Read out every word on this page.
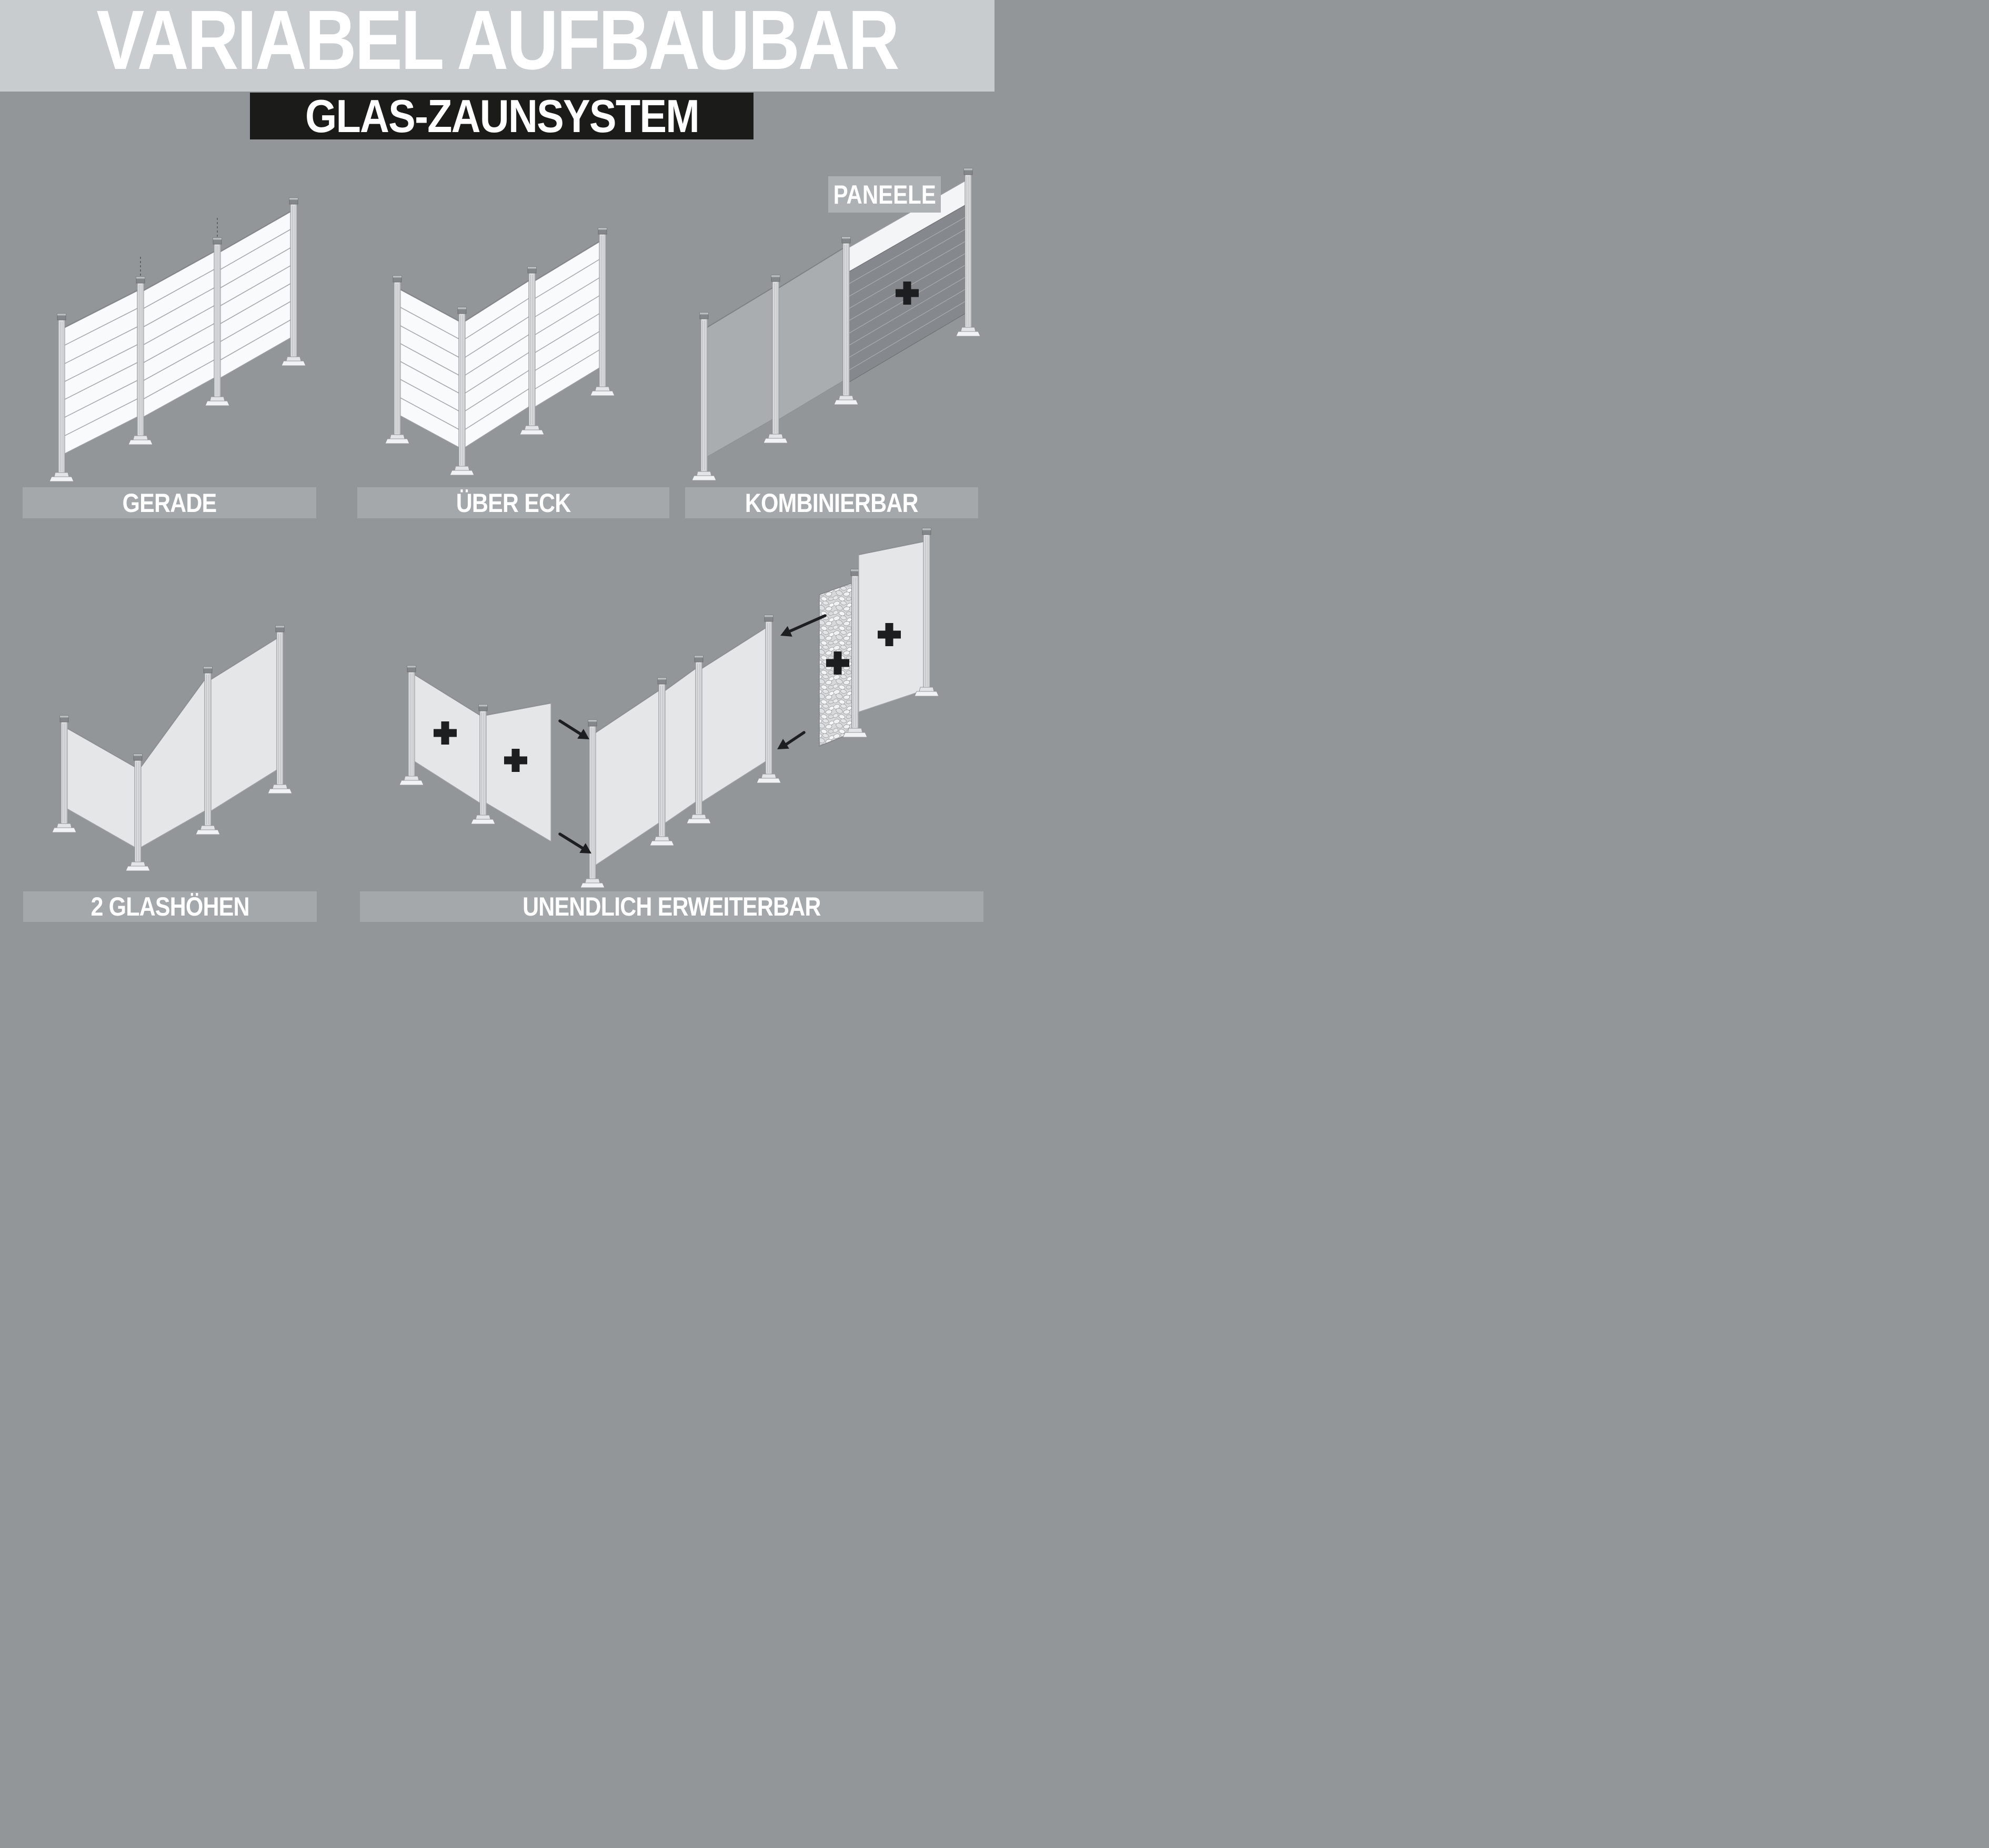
VARIABEL AUFBAUBAR
GLAS-ZAUNSYSTEM
GERADE	ÜBER ECK	KOMBINIERBAR
2 GLASHÖHEN	UNENDLICH ERWEITERBAR
PANEELE
